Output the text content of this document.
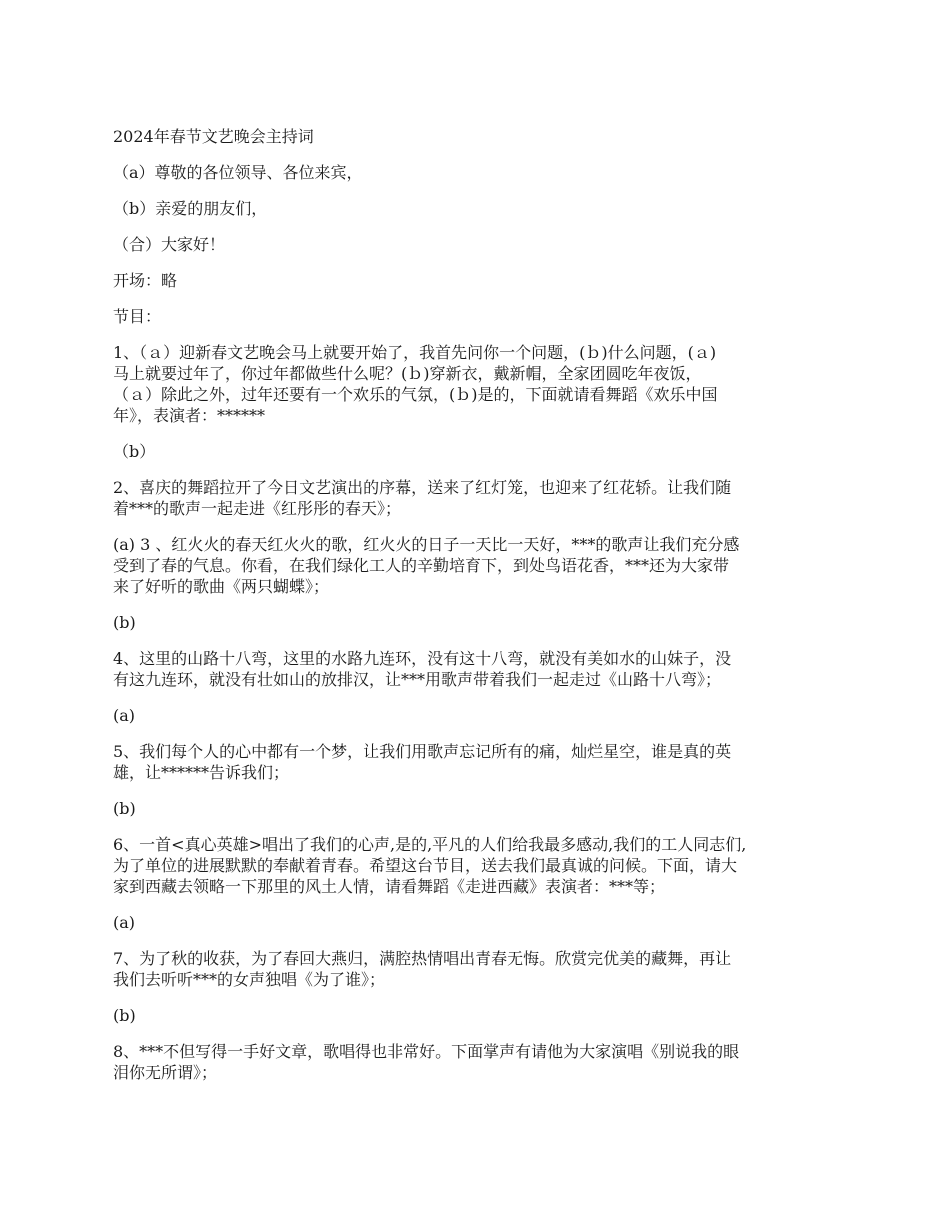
2024年春节文艺晚会主持词
（a）尊敬的各位领导、各位来宾，
（b）亲爱的朋友们，
（合）大家好！
开场：略
节目：
1、（ａ）迎新春文艺晚会马上就要开始了，我首先问你一个问题，(ｂ)什么问题，(ａ)
马上就要过年了，你过年都做些什么呢？(ｂ)穿新衣，戴新帽，全家团圆吃年夜饭，
（ａ）除此之外，过年还要有一个欢乐的气氛，(ｂ)是的，下面就请看舞蹈《欢乐中国
年》，表演者：******
（b）
2、喜庆的舞蹈拉开了今日文艺演出的序幕，送来了红灯笼，也迎来了红花轿。让我们随
着***的歌声一起走进《红彤彤的春天》；
(a) 3 、红火火的春天红火火的歌，红火火的日子一天比一天好，***的歌声让我们充分感
受到了春的气息。你看，在我们绿化工人的辛勤培育下，到处鸟语花香，***还为大家带
来了好听的歌曲《两只蝴蝶》；
(b)
4、这里的山路十八弯，这里的水路九连环，没有这十八弯，就没有美如水的山妹子，没
有这九连环，就没有壮如山的放排汉，让***用歌声带着我们一起走过《山路十八弯》；
(a)
5、我们每个人的心中都有一个梦，让我们用歌声忘记所有的痛，灿烂星空，谁是真的英
雄，让******告诉我们；
(b)
6、一首<真心英雄>唱出了我们的心声,是的,平凡的人们给我最多感动,我们的工人同志们,
为了单位的进展默默的奉献着青春。希望这台节目，送去我们最真诚的问候。下面，请大
家到西藏去领略一下那里的风土人情，请看舞蹈《走进西藏》表演者：***等；
(a)
7、为了秋的收获，为了春回大燕归，满腔热情唱出青春无悔。欣赏完优美的藏舞，再让
我们去听听***的女声独唱《为了谁》；
(b)
8、***不但写得一手好文章，歌唱得也非常好。下面掌声有请他为大家演唱《别说我的眼
泪你无所谓》；
